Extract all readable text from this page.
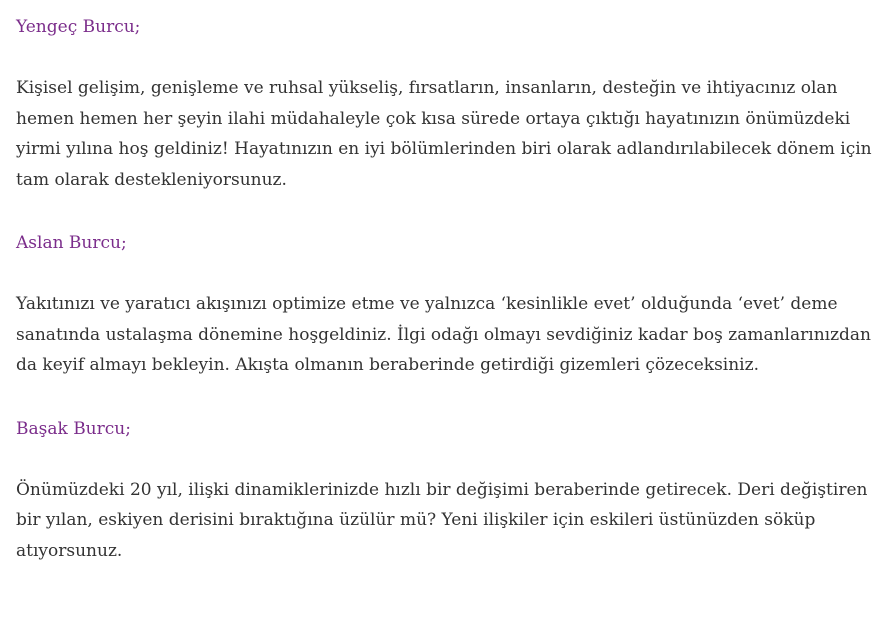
Yengeç Burcu;

Kişisel gelişim, genişleme ve ruhsal yükseliş, fırsatların, insanların, desteğin ve ihtiyacınız olan hemen hemen her şeyin ilahi müdahaleyle çok kısa sürede ortaya çıktığı hayatınızın önümüzdeki yirmi yılına hoş geldiniz! Hayatınızın en iyi bölümlerinden biri olarak adlandırılabilecek dönem için tam olarak destekleniyorsunuz.

Aslan Burcu;

Yakıtınızı ve yaratıcı akışınızı optimize etme ve yalnızca ‘kesinlikle evet’ olduğunda ‘evet’ deme sanatında ustalaşma dönemine hoşgeldiniz. İlgi odağı olmayı sevdiğiniz kadar boş zamanlarınızdan da keyif almayı bekleyin. Akışta olmanın beraberinde getirdiği gizemleri çözeceksiniz.

Başak Burcu;

Önümüzdeki 20 yıl, ilişki dinamiklerinizde hızlı bir değişimi beraberinde getirecek. Deri değiştiren bir yılan, eskiyen derisini bıraktığına üzülür mü? Yeni ilişkiler için eskileri üstünüzden söküp atıyorsunuz.
